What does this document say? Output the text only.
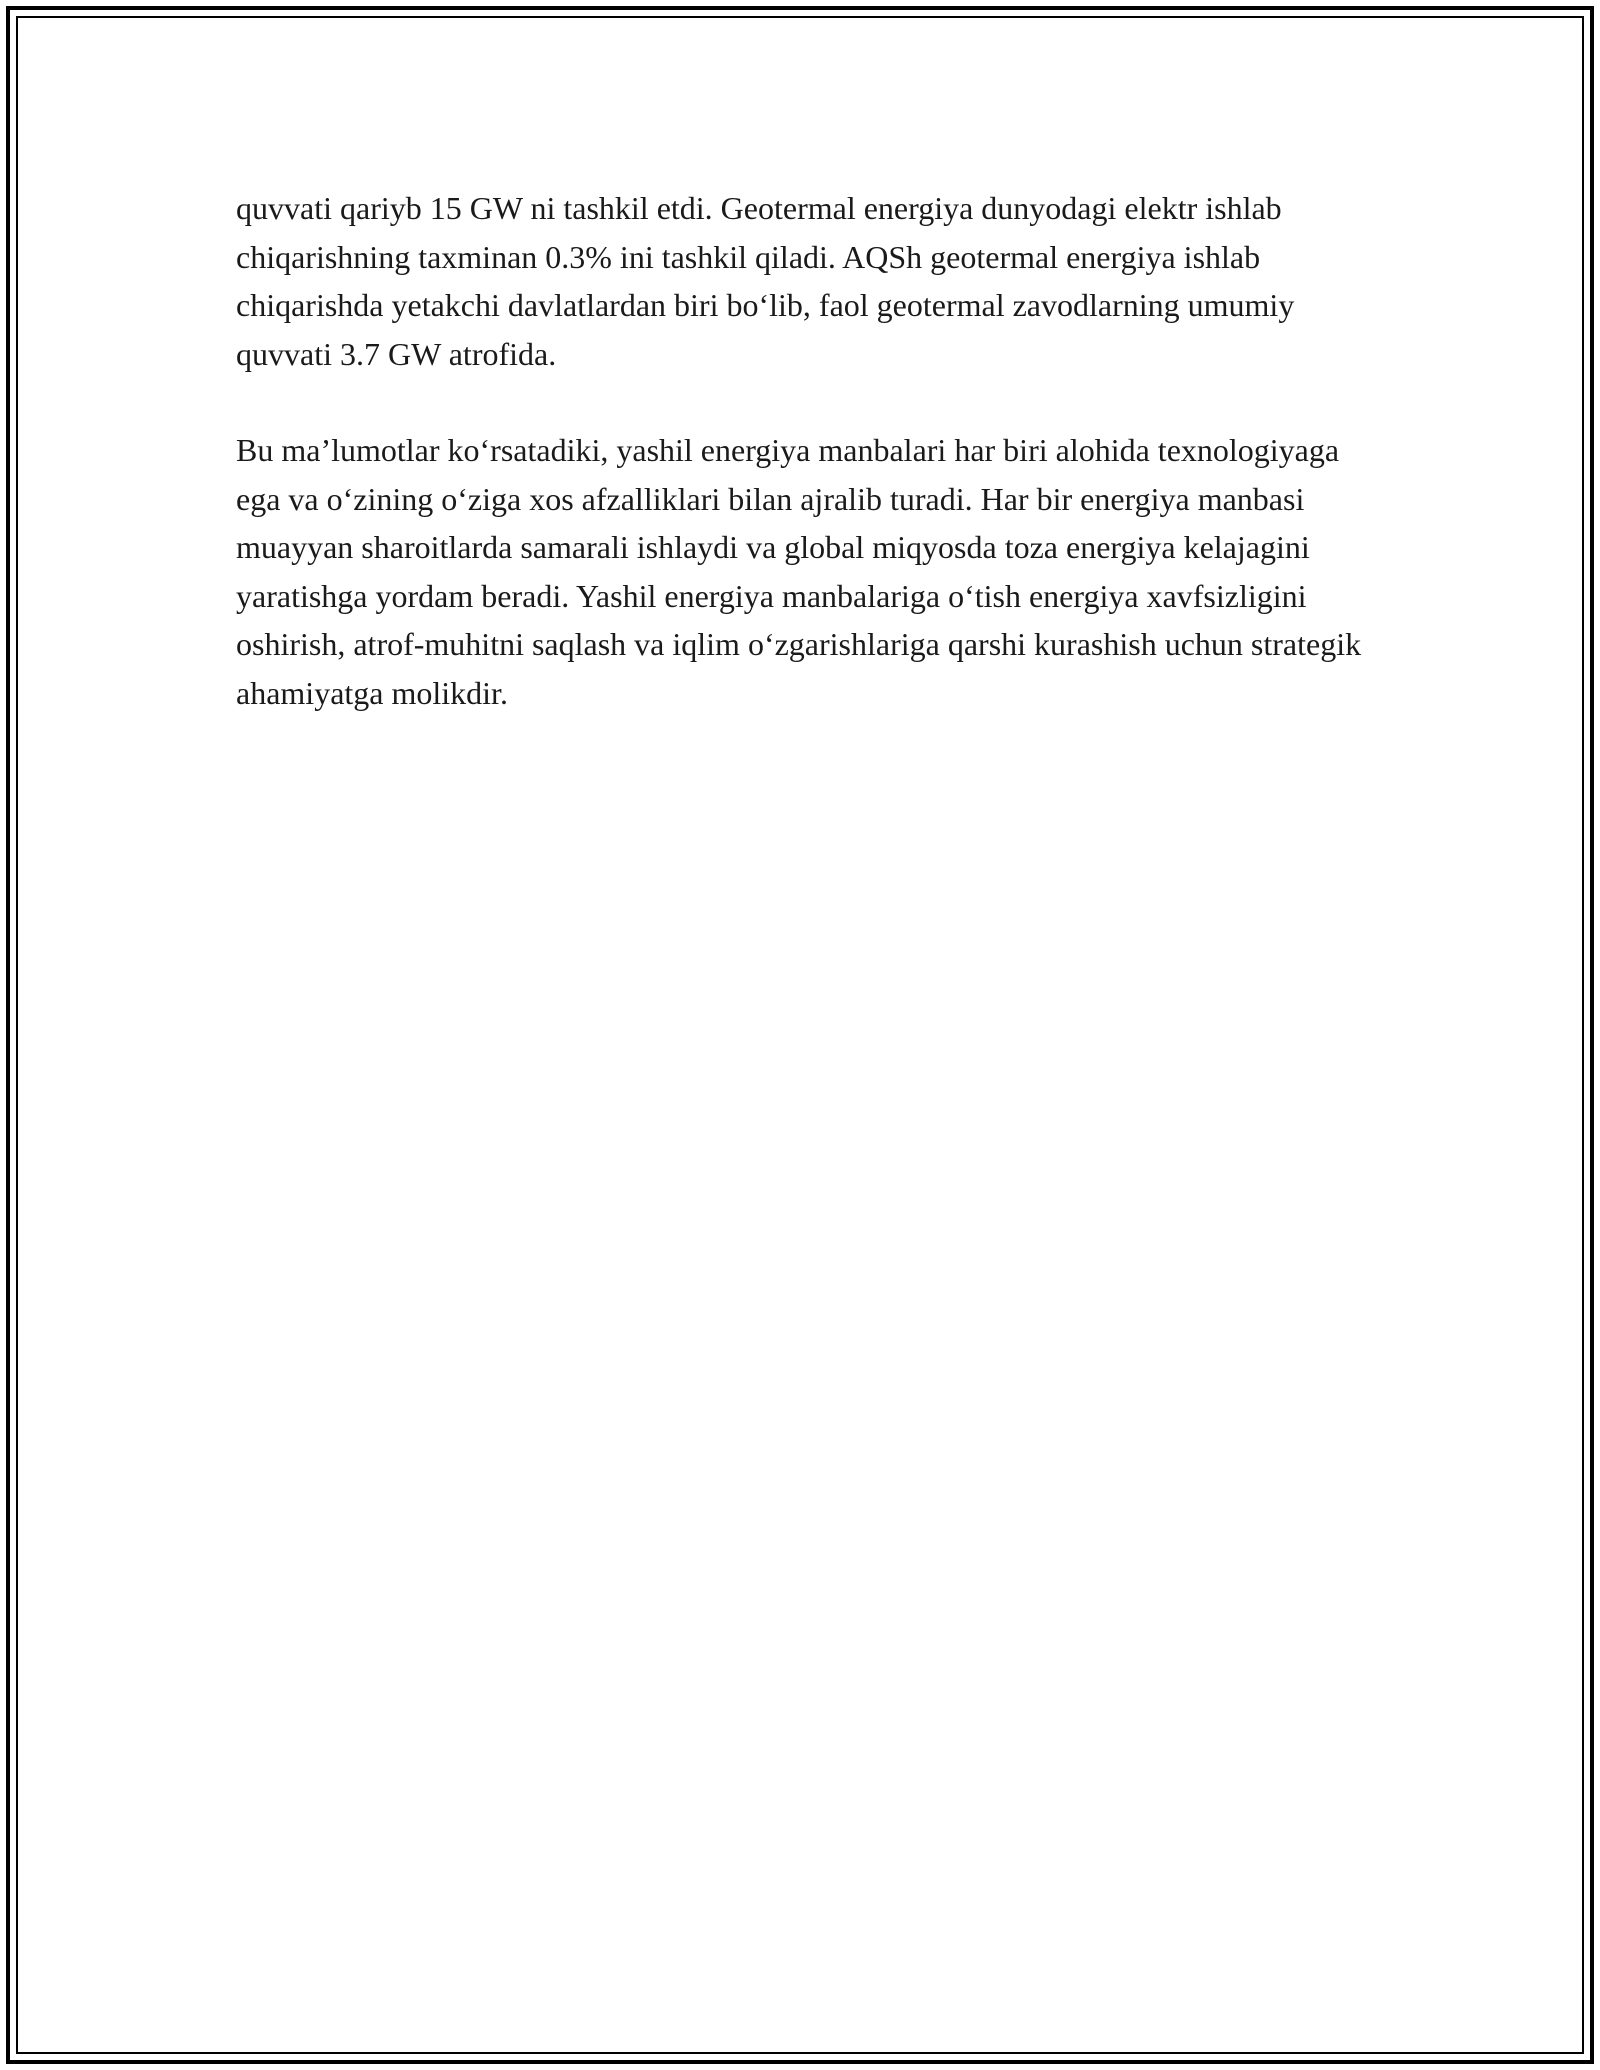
quvvati qariyb 15 GW ni tashkil etdi. Geotermal energiya dunyodagi elektr ishlab chiqarishning taxminan 0.3% ini tashkil qiladi. AQSh geotermal energiya ishlab chiqarishda yetakchi davlatlardan biri bo‘lib, faol geotermal zavodlarning umumiy quvvati 3.7 GW atrofida.

Bu ma’lumotlar ko‘rsatadiki, yashil energiya manbalari har biri alohida texnologiyaga ega va o‘zining o‘ziga xos afzalliklari bilan ajralib turadi. Har bir energiya manbasi muayyan sharoitlarda samarali ishlaydi va global miqyosda toza energiya kelajagini yaratishga yordam beradi. Yashil energiya manbalariga o‘tish energiya xavfsizligini oshirish, atrof-muhitni saqlash va iqlim o‘zgarishlariga qarshi kurashish uchun strategik ahamiyatga molikdir.
